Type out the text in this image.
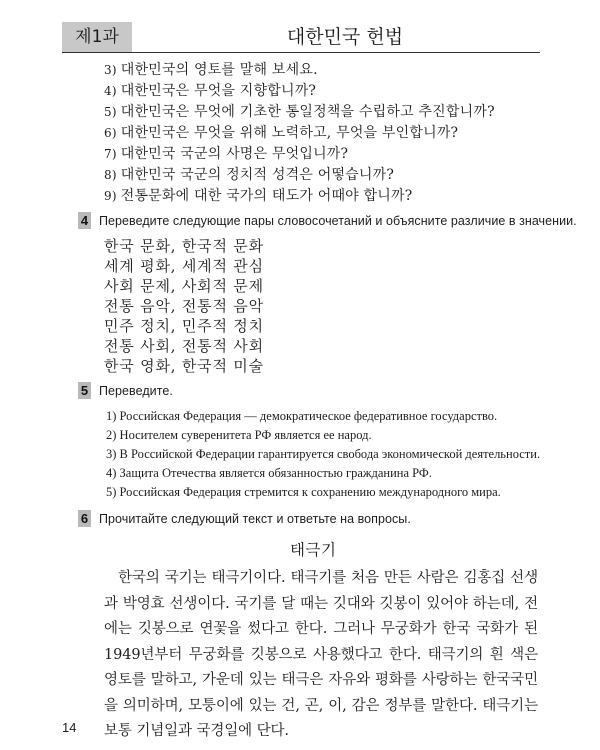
제1과	대한민국 헌법
3) 대한민국의 영토를 말해 보세요.
4) 대한민국은 무엇을 지향합니까?
5) 대한민국은 무엇에 기초한 통일정책을 수립하고 추진합니까?
6) 대한민국은 무엇을 위해 노력하고, 무엇을 부인합니까?
7) 대한민국 국군의 사명은 무엇입니까?
8) 대한민국 국군의 정치적 성격은 어떻습니까?
9) 전통문화에 대한 국가의 태도가 어때야 합니까?
4 Переведите следующие пары словосочетаний и объясните различие в значении.
한국 문화, 한국적 문화
세계 평화, 세계적 관심
사회 문제, 사회적 문제
전통 음악, 전통적 음악
민주 정치, 민주적 정치
전통 사회, 전통적 사회
한국 영화, 한국적 미술
5 Переведите.
1) Российская Федерация — демократическое федеративное государство.
2) Носителем суверенитета РФ является ее народ.
3) В Российской Федерации гарантируется свобода экономической деятельности.
4) Защита Отечества является обязанностью гражданина РФ.
5) Российская Федерация стремится к сохранению международного мира.
6 Прочитайте следующий текст и ответьте на вопросы.
태극기

한국의 국기는 태극기이다. 태극기를 처음 만든 사람은 김홍집 선생과 박영효 선생이다. 국기를 달 때는 깃대와 깃봉이 있어야 하는데, 전에는 깃봉으로 연꽃을 썼다고 한다. 그러나 무궁화가 한국 국화가 된 1949년부터 무궁화를 깃봉으로 사용했다고 한다. 태극기의 흰 색은 영토를 말하고, 가운데 있는 태극은 자유와 평화를 사랑하는 한국국민을 의미하며, 모퉁이에 있는 건, 곤, 이, 감은 정부를 말한다. 태극기는 보통 기념일과 국경일에 단다.

14
